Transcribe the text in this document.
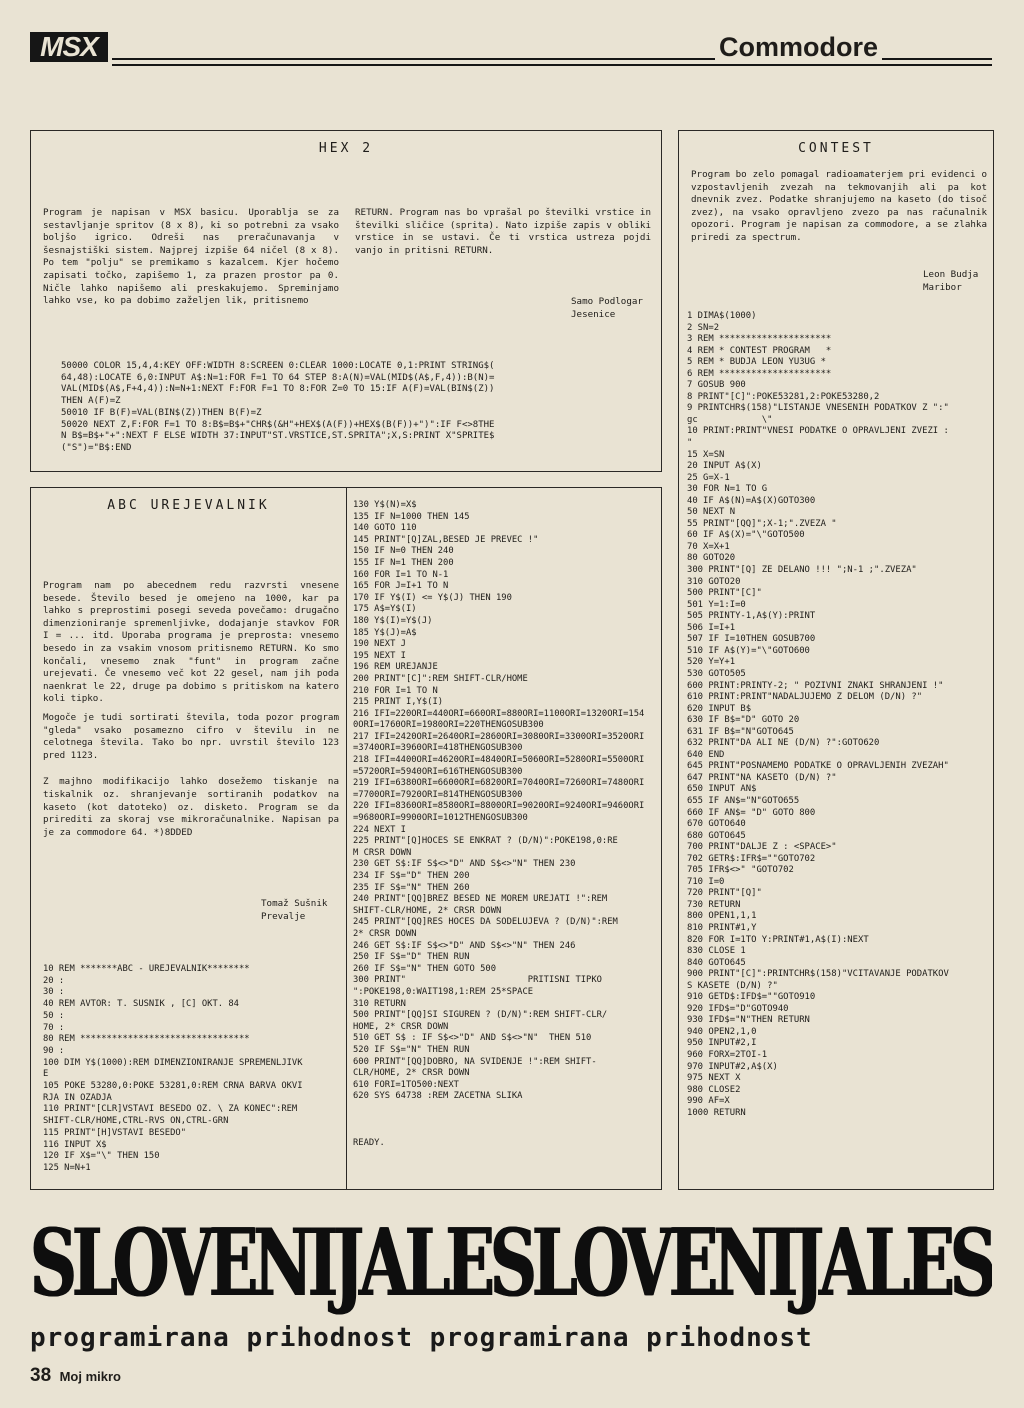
MSX	Commodore
HEX 2
Program je napisan v MSX basicu. Uporablja se za sestavljanje spritov (8 x 8), ki so potrebni za vsako boljšo igrico. Odreši nas preračunavanja v šesnajstiški sistem. Najprej izpiše 64 ničel (8 x 8). Po tem "polju" se premikamo s kazalcem. Kjer hočemo zapisati točko, zapišemo 1, za prazen prostor pa 0. Ničle lahko napišemo ali preskakujemo. Spreminjamo lahko vse, ko pa dobimo zaželjen lik, pritisnemo
RETURN. Program nas bo vprašal po številki vrstice in številki sličice (sprita). Nato izpiše zapis v obliki vrstice in se ustavi. Če ti vrstica ustreza pojdi vanjo in pritisni RETURN.
Samo Podlogar
Jesenice
50000 COLOR 15,4,4:KEY OFF:WIDTH 8:SCREEN 0:CLEAR 1000:LOCATE 0,1:PRINT STRING$(
64,48):LOCATE 6,0:INPUT A$:N=1:FOR F=1 TO 64 STEP 8:A(N)=VAL(MID$(A$,F,4)):B(N)=
VAL(MID$(A$,F+4,4)):N=N+1:NEXT F:FOR F=1 TO 8:FOR Z=0 TO 15:IF A(F)=VAL(BIN$(Z))
THEN A(F)=Z
50010 IF B(F)=VAL(BIN$(Z))THEN B(F)=Z
50020 NEXT Z,F:FOR F=1 TO 8:B$=B$+"CHR$(&H"+HEX$(A(F))+HEX$(B(F))+")":IF F<>8THE
N B$=B$+"+":NEXT F ELSE WIDTH 37:INPUT"ST.VRSTICE,ST.SPRITA";X,S:PRINT X"SPRITE$
("S")="B$:END
CONTEST
Program bo zelo pomagal radioamaterjem pri evidenci o vzpostavljenih zvezah na tekmovanjih ali pa kot dnevnik zvez. Podatke shranjujemo na kaseto (do tisoč zvez), na vsako opravljeno zvezo pa nas računalnik opozori. Program je napisan za commodore, a se zlahka priredi za spectrum.
Leon Budja
Maribor
1 DIMA$(1000)
2 SN=2
3 REM *********************
4 REM * CONTEST PROGRAM   *
5 REM * BUDJA LEON YU3UG *
6 REM *********************
7 GOSUB 900
8 PRINT"[C]":POKE53281,2:POKE53280,2
9 PRINTCHR$(158)"LISTANJE VNESENIH PODATKOV Z ":"
gc            \"
10 PRINT:PRINT"VNESI PODATKE O OPRAVLJENI ZVEZI :
"
15 X=SN
20 INPUT A$(X)
25 G=X-1
30 FOR N=1 TO G
40 IF A$(N)=A$(X)GOTO300
50 NEXT N
55 PRINT"[QQ]";X-1;".ZVEZA "
60 IF A$(X)="\"GOTO500
70 X=X+1
80 GOTO20
300 PRINT"[Q] ZE DELANO !!! ";N-1 ;".ZVEZA"
310 GOTO20
500 PRINT"[C]"
501 Y=1:I=0
505 PRINTY-1,A$(Y):PRINT
506 I=I+1
507 IF I=10THEN GOSUB700
510 IF A$(Y)="\"GOTO600
520 Y=Y+1
530 GOTO505
600 PRINT:PRINTY-2; " POZIVNI ZNAKI SHRANJENI !"
610 PRINT:PRINT"NADALJUJEMO Z DELOM (D/N) ?"
620 INPUT B$
630 IF B$="D" GOTO 20
631 IF B$="N"GOTO645
632 PRINT"DA ALI NE (D/N) ?":GOTO620
640 END
645 PRINT"POSNAMEMO PODATKE O OPRAVLJENIH ZVEZAH"
647 PRINT"NA KASETO (D/N) ?"
650 INPUT AN$
655 IF AN$="N"GOTO655
660 IF AN$= "D" GOTO 800
670 GOTO640
680 GOTO645
700 PRINT"DALJE Z : <SPACE>"
702 GETR$:IFR$=""GOTO702
705 IFR$<>" "GOTO702
710 I=0
720 PRINT"[Q]"
730 RETURN
800 OPEN1,1,1
810 PRINT#1,Y
820 FOR I=1TO Y:PRINT#1,A$(I):NEXT
830 CLOSE 1
840 GOTO645
900 PRINT"[C]":PRINTCHR$(158)"VCITAVANJE PODATKOV
S KASETE (D/N) ?"
910 GETD$:IFD$=""GOTO910
920 IFD$="D"GOTO940
930 IFD$="N"THEN RETURN
940 OPEN2,1,0
950 INPUT#2,I
960 FORX=2TOI-1
970 INPUT#2,A$(X)
975 NEXT X
980 CLOSE2
990 AF=X
1000 RETURN
ABC UREJEVALNIK
Program nam po abecednem redu razvrsti vnesene besede. Število besed je omejeno na 1000, kar pa lahko s preprostimi posegi seveda povečamo: drugačno dimenzioniranje spremenljivke, dodajanje stavkov FOR I = ... itd. Uporaba programa je preprosta: vnesemo besedo in za vsakim vnosom pritisnemo RETURN. Ko smo končali, vnesemo znak "funt" in program začne urejevati. Če vnesemo več kot 22 gesel, nam jih poda naenkrat le 22, druge pa dobimo s pritiskom na katero koli tipko.
Mogoče je tudi sortirati števila, toda pozor program "gleda" vsako posamezno cifro v številu in ne celotnega števila. Tako bo npr. uvrstil število 123 pred 1123.
Z majhno modifikacijo lahko dosežemo tiskanje na tiskalnik oz. shranjevanje sortiranih podatkov na kaseto (kot datoteko) oz. disketo. Program se da prirediti za skoraj vse mikroračunalnike. Napisan pa je za commodore 64. *)8DDED
Tomaž Sušnik
Prevalje
10 REM *******ABC - UREJEVALNIK********
20 :
30 :
40 REM AVTOR: T. SUSNIK , [C] OKT. 84
50 :
70 :
80 REM ********************************
90 :
100 DIM Y$(1000):REM DIMENZIONIRANJE SPREMENLJIVK
E
105 POKE 53280,0:POKE 53281,0:REM CRNA BARVA OKVI
RJA IN OZADJA
110 PRINT"[CLR]VSTAVI BESEDO OZ. \ ZA KONEC":REM
SHIFT-CLR/HOME,CTRL-RVS ON,CTRL-GRN
115 PRINT"[H]VSTAVI BESEDO"
116 INPUT X$
120 IF X$="\" THEN 150
125 N=N+1
130 Y$(N)=X$
135 IF N=1000 THEN 145
140 GOTO 110
145 PRINT"[Q]ZAL,BESED JE PREVEC !"
150 IF N=0 THEN 240
155 IF N=1 THEN 200
160 FOR I=1 TO N-1
165 FOR J=I+1 TO N
170 IF Y$(I) <= Y$(J) THEN 190
175 A$=Y$(I)
180 Y$(I)=Y$(J)
185 Y$(J)=A$
190 NEXT J
195 NEXT I
196 REM UREJANJE
200 PRINT"[C]":REM SHIFT-CLR/HOME
210 FOR I=1 TO N
215 PRINT I,Y$(I)
216 IFI=220ORI=440ORI=660ORI=880ORI=1100ORI=1320ORI=154
0ORI=1760ORI=1980ORI=220THENGOSUB300
217 IFI=2420ORI=2640ORI=2860ORI=3080ORI=3300ORI=3520ORI
=3740ORI=3960ORI=418THENGOSUB300
218 IFI=4400ORI=4620ORI=4840ORI=5060ORI=5280ORI=5500ORI
=5720ORI=5940ORI=616THENGOSUB300
219 IFI=6380ORI=6600ORI=6820ORI=7040ORI=7260ORI=7480ORI
=7700ORI=7920ORI=814THENGOSUB300
220 IFI=8360ORI=8580ORI=8800ORI=9020ORI=9240ORI=9460ORI
=9680ORI=9900ORI=1012THENGOSUB300
224 NEXT I
225 PRINT"[Q]HOCES SE ENKRAT ? (D/N)":POKE198,0:RE
M CRSR DOWN
230 GET S$:IF S$<>"D" AND S$<>"N" THEN 230
234 IF S$="D" THEN 200
235 IF S$="N" THEN 260
240 PRINT"[QQ]BREZ BESED NE MOREM UREJATI !":REM
SHIFT-CLR/HOME, 2* CRSR DOWN
245 PRINT"[QQ]RES HOCES DA SODELUJEVA ? (D/N)":REM
2* CRSR DOWN
246 GET S$:IF S$<>"D" AND S$<>"N" THEN 246
250 IF S$="D" THEN RUN
260 IF S$="N" THEN GOTO 500
300 PRINT"                       PRITISNI TIPKO
":POKE198,0:WAIT198,1:REM 25*SPACE
310 RETURN
500 PRINT"[QQ]SI SIGUREN ? (D/N)":REM SHIFT-CLR/
HOME, 2* CRSR DOWN
510 GET S$ : IF S$<>"D" AND S$<>"N"  THEN 510
520 IF S$="N" THEN RUN
600 PRINT"[QQ]DOBRO, NA SVIDENJE !":REM SHIFT-
CLR/HOME, 2* CRSR DOWN
610 FORI=1TO500:NEXT
620 SYS 64738 :REM ZACETNA SLIKA

READY.
SLOVENIJALESLOVENIJALES
programirana prihodnost programirana prihodnost
38 Moj mikro
